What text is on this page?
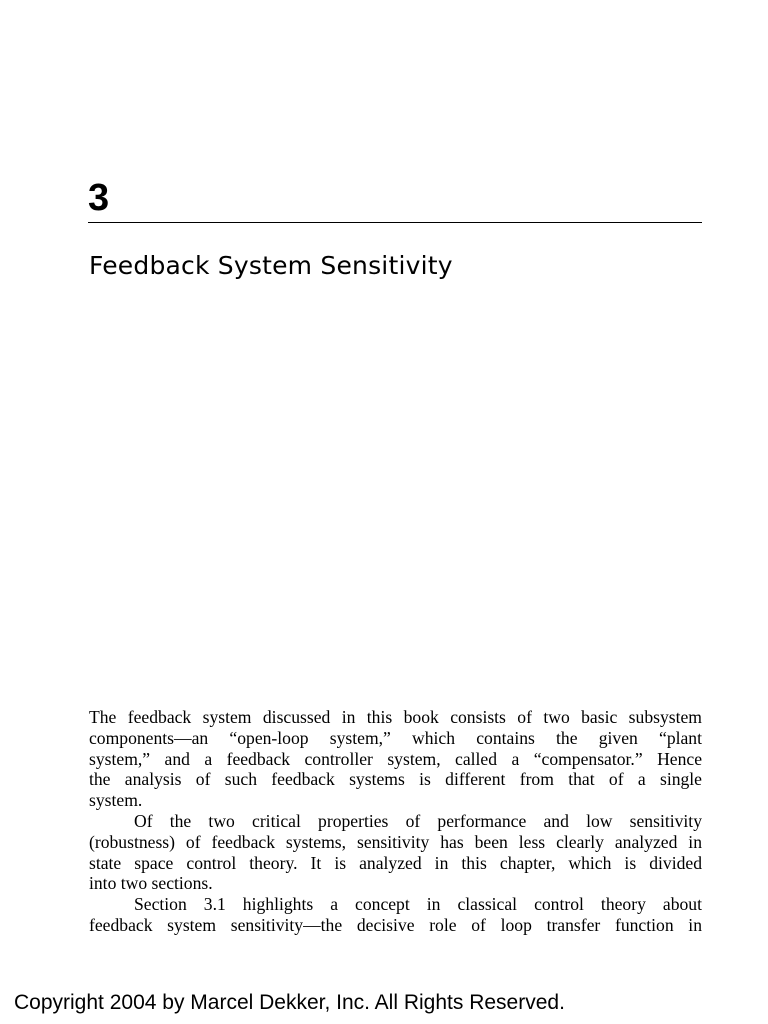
3
Feedback System Sensitivity
The feedback system discussed in this book consists of two basic subsystem
components—an “open-loop system,” which contains the given “plant
system,” and a feedback controller system, called a “compensator.” Hence
the analysis of such feedback systems is different from that of a single
system.
Of the two critical properties of performance and low sensitivity
(robustness) of feedback systems, sensitivity has been less clearly analyzed in
state space control theory. It is analyzed in this chapter, which is divided
into two sections.
Section 3.1 highlights a concept in classical control theory about
feedback system sensitivity—the decisive role of loop transfer function in
Copyright 2004 by Marcel Dekker, Inc. All Rights Reserved.
